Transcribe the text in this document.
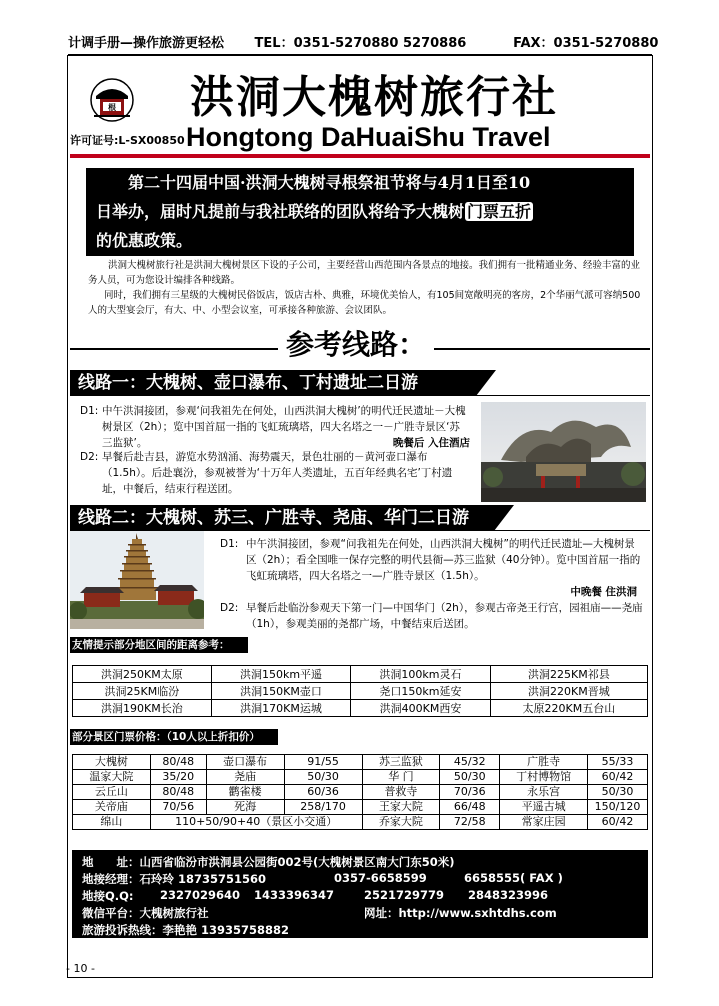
计调手册—操作旅游更轻松 TEL：0351-5270880 5270886	FAX：0351-5270880
根 洪洞大槐树旅行社
许可证号:L-SX00850 Hongtong DaHuaiShu Travel
第二十四届中国·洪洞大槐树寻根祭祖节将与4月1日至10
日举办，届时凡提前与我社联络的团队将给予大槐树 门票五折
的优惠政策。

洪洞大槐树旅行社是洪洞大槐树景区下设的子公司，主要经营山西范围内各景点的地接。我们拥有一批精通业务、经验丰富的业务人员，可为您设计编排各种线路。

同时，我们拥有三星级的大槐树民俗饭店，饭店古朴、典雅，环境优美怡人，有105间宽敞明亮的客房，2个华丽气派可容纳500人的大型宴会厅，有大、中、小型会议室，可承接各种旅游、会议团队。

参考线路：
线路一：大槐树、壶口瀑布、丁村遗址二日游
D1: 中午洪洞接团，参观‘问我祖先在何处，山西洪洞大槐树’的明代迁民遗址－大槐树景区（2h）；览中国首屈一指的飞虹琉璃塔，四大名塔之一－广胜寺景区‘苏三监狱’。	晚餐后 入住酒店
D2: 早餐后赴吉县，游览水势汹涌、海势震天，景色壮丽的－黄河壶口瀑布（1.5h）。后赴襄汾，参观被誉为‘十万年人类遗址，五百年经典名宅’丁村遗址，中餐后，结束行程送团。
线路二：大槐树、苏三、广胜寺、尧庙、华门二日游
D1: 中午洪洞接团，参观“问我祖先在何处，山西洪洞大槐树”的明代迁民遗址—大槐树景区（2h）；看全国唯一保存完整的明代县衙—苏三监狱（40分钟）。览中国首屈一指的飞虹琉璃塔，四大名塔之一—广胜寺景区（1.5h）。
中晚餐 住洪洞
D2: 早餐后赴临汾参观天下第一门—中国华门（2h），参观古帝尧王行宫，园祖庙——尧庙（1h），参观美丽的尧都广场，中餐结束后送团。
友情提示部分地区间的距离参考：
洪洞250KM太原	洪洞150km平遥	洪洞100km灵石	洪洞225KM祁县
洪洞25KM临汾	洪洞150KM壶口	尧口150km延安	洪洞220KM晋城
洪洞190KM长治	洪洞170KM运城	洪洞400KM西安	太原220KM五台山
部分景区门票价格：（10人以上折扣价）
大槐树	80/48	壶口瀑布	91/55	苏三监狱	45/32	广胜寺	55/33
温家大院	35/20	尧庙	50/30	华 门	50/30	丁村博物馆	60/42
云丘山	80/48	鹳雀楼	60/36	普救寺	70/36	永乐宫	50/30
关帝庙	70/56	死海	258/170	王家大院	66/48	平遥古城	150/120
绵山	110+50/90+40（景区小交通）			乔家大院	72/58	常家庄园	60/42
地　　址：山西省临汾市洪洞县公园街002号(大槐树景区南大门东50米)
地接经理：石玲玲 18735751560	0357-6658599	6658555( FAX )
地接Q.Q: 2327029640 1433396347	2521729779 2848323996
微信平台：大槐树旅行社	网址：http://www.sxhtdhs.com
旅游投诉热线：李艳艳 13935758882
- 10 -
